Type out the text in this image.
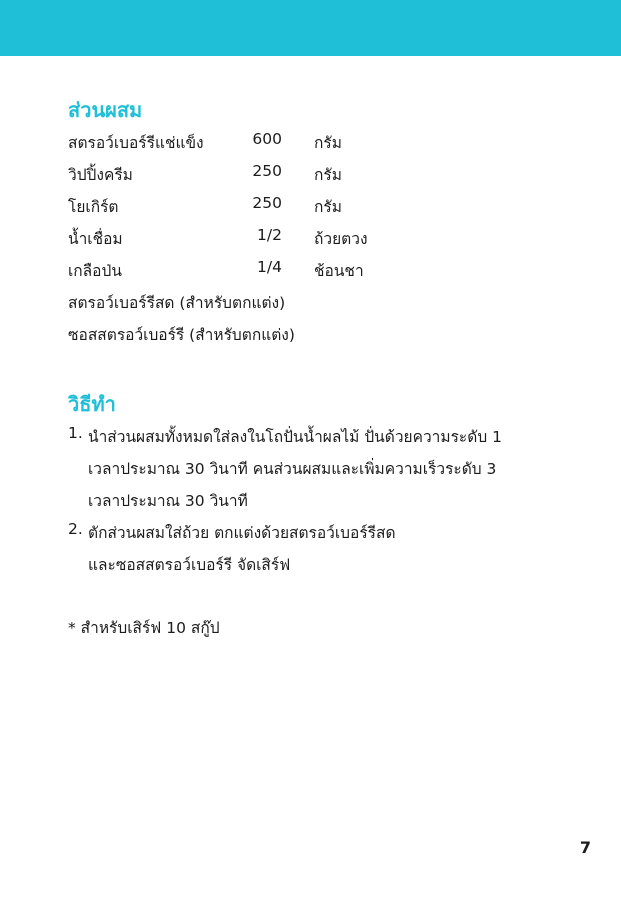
ส่วนผสม
สตรอว์เบอร์รีแช่แข็ง	600 กรัม
วิปปิ้งครีม	250 กรัม
โยเกิร์ต	250 กรัม
น้ำเชื่อม	1/2 ถ้วยตวง
เกลือป่น	1/4 ช้อนชา
สตรอว์เบอร์รีสด (สำหรับตกแต่ง)
ซอสสตรอว์เบอร์รี (สำหรับตกแต่ง)
วิธีทำ
1. นำส่วนผสมทั้งหมดใส่ลงในโถปั่นน้ำผลไม้ ปั่นด้วยความระดับ 1
เวลาประมาณ 30 วินาที คนส่วนผสมและเพิ่มความเร็วระดับ 3
เวลาประมาณ 30 วินาที
2. ตักส่วนผสมใส่ถ้วย ตกแต่งด้วยสตรอว์เบอร์รีสด
และซอสสตรอว์เบอร์รี จัดเสิร์ฟ
* สำหรับเสิร์ฟ 10 สกู๊ป
7
